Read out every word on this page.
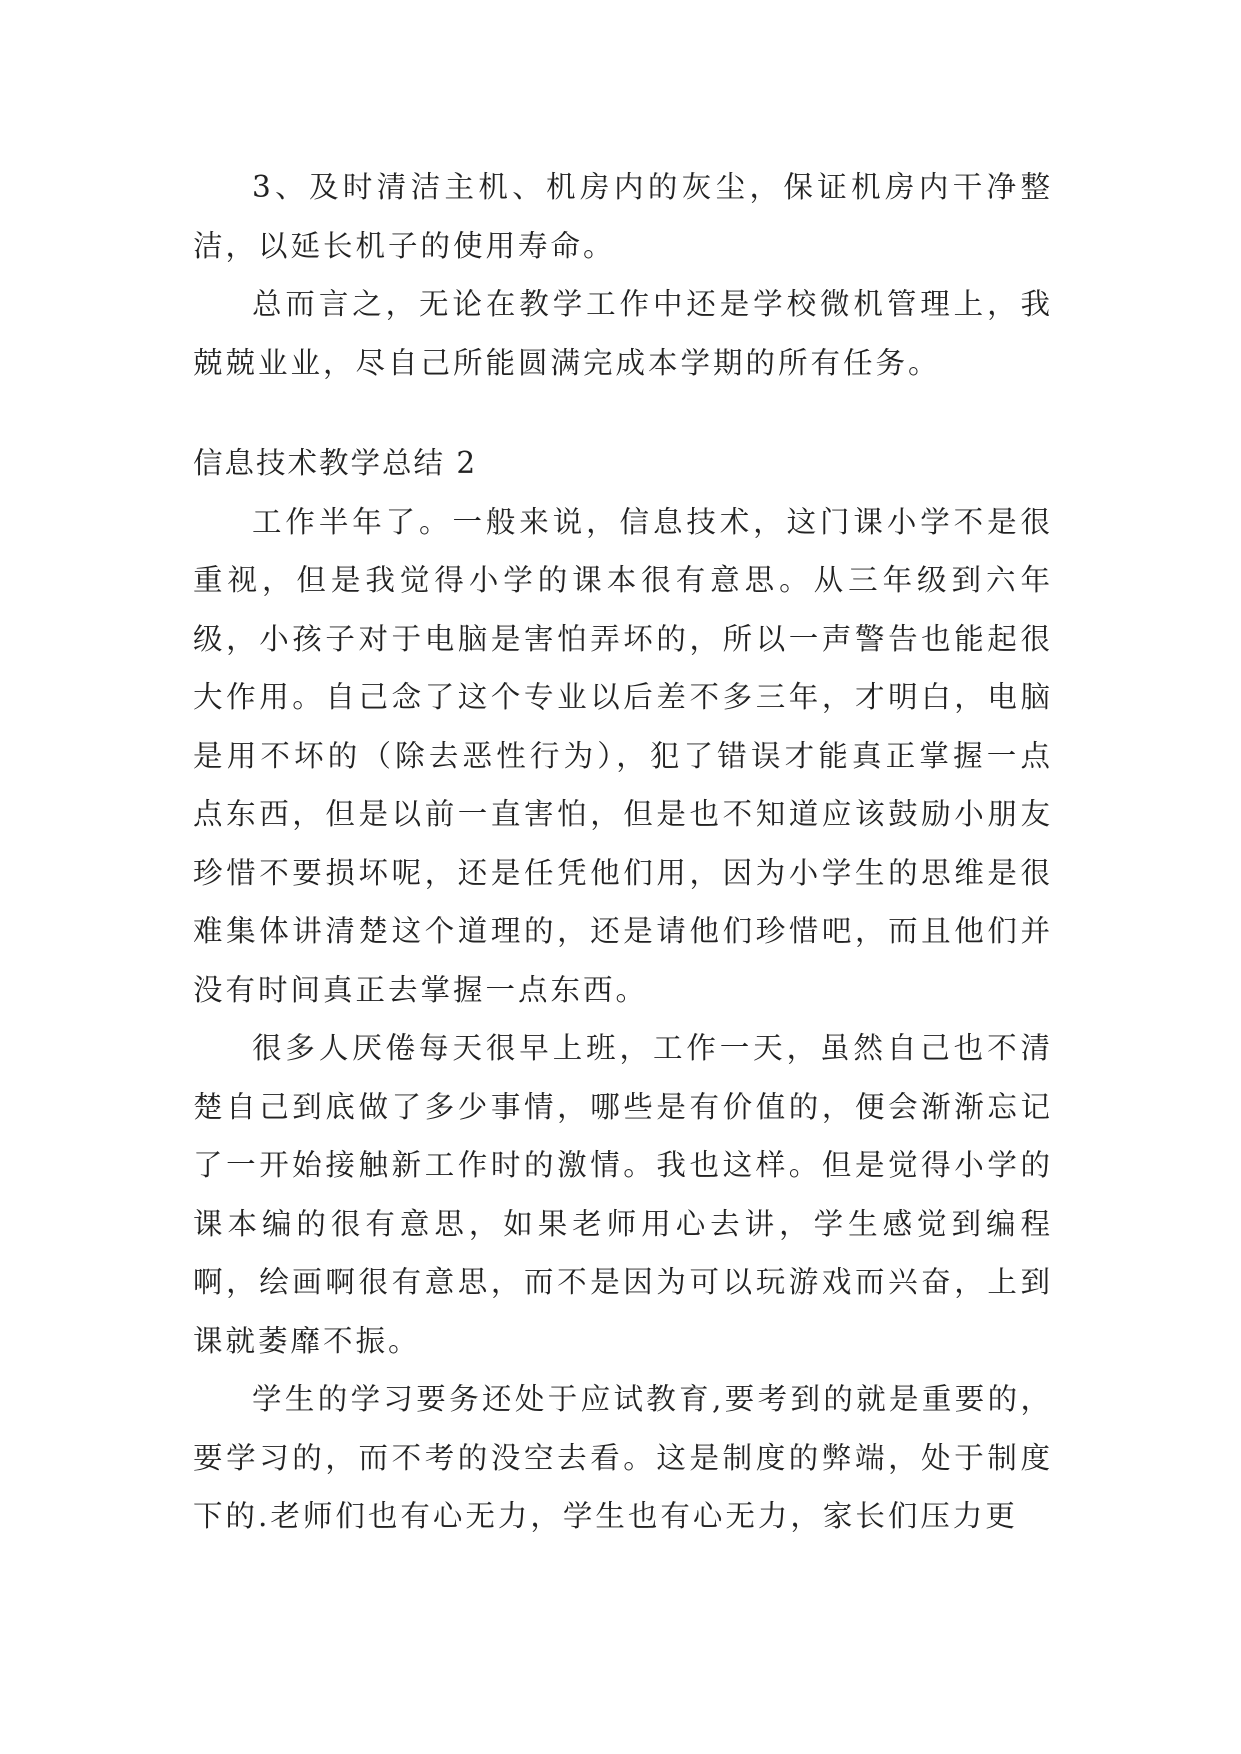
3、及时清洁主机、机房内的灰尘，保证机房内干净整洁，以延长机子的使用寿命。

总而言之，无论在教学工作中还是学校微机管理上，我兢兢业业，尽自己所能圆满完成本学期的所有任务。

信息技术教学总结 2

工作半年了。一般来说，信息技术，这门课小学不是很重视，但是我觉得小学的课本很有意思。从三年级到六年级，小孩子对于电脑是害怕弄坏的，所以一声警告也能起很大作用。自己念了这个专业以后差不多三年，才明白，电脑是用不坏的（除去恶性行为），犯了错误才能真正掌握一点点东西，但是以前一直害怕，但是也不知道应该鼓励小朋友珍惜不要损坏呢，还是任凭他们用，因为小学生的思维是很难集体讲清楚这个道理的，还是请他们珍惜吧，而且他们并没有时间真正去掌握一点东西。

很多人厌倦每天很早上班，工作一天，虽然自己也不清楚自己到底做了多少事情，哪些是有价值的，便会渐渐忘记了一开始接触新工作时的激情。我也这样。但是觉得小学的课本编的很有意思，如果老师用心去讲，学生感觉到编程啊，绘画啊很有意思，而不是因为可以玩游戏而兴奋，上到课就萎靡不振。

学生的学习要务还处于应试教育,要考到的就是重要的，要学习的，而不考的没空去看。这是制度的弊端，处于制度下的.老师们也有心无力，学生也有心无力，家长们压力更
